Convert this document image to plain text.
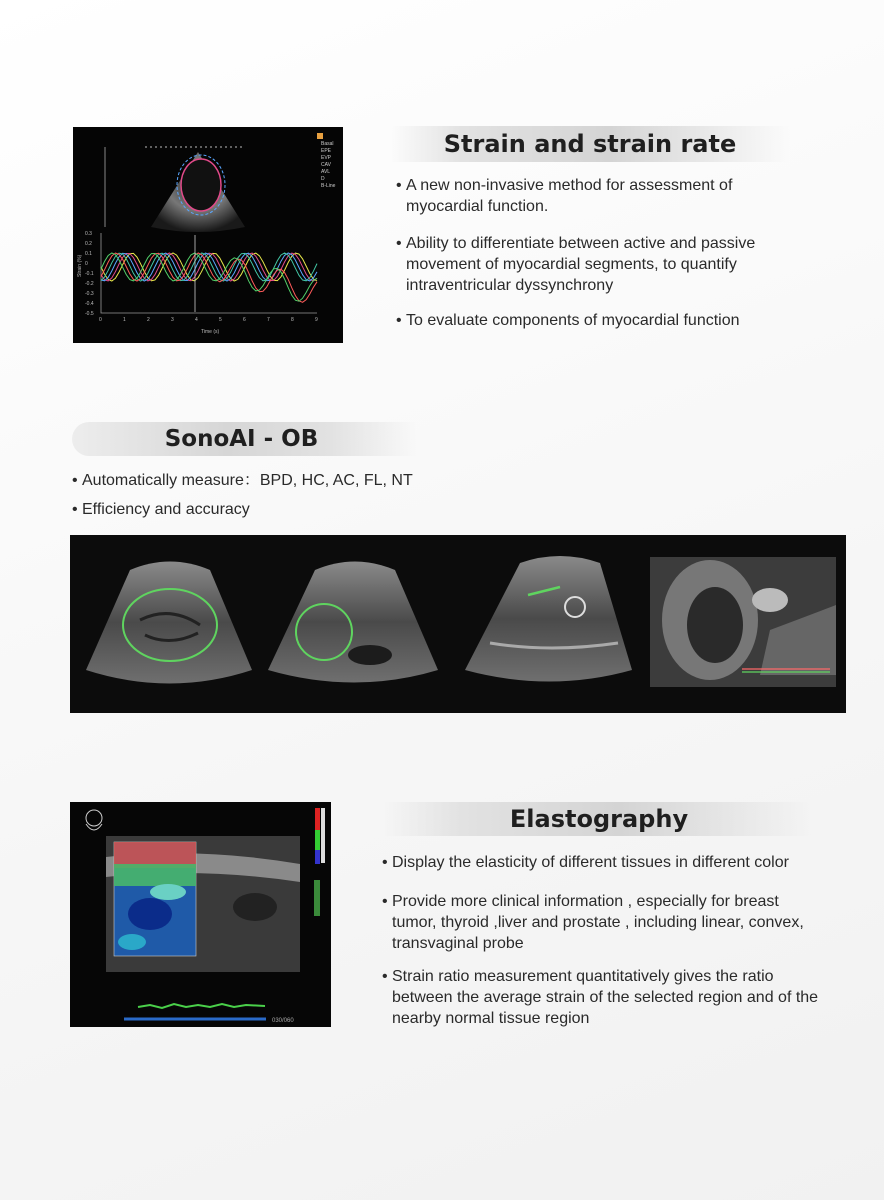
Basal
EPE
EVP
CAV
AVL
D
B-Line
0	1	2	3	4	5	6	7	8	9
0.3
0.2
0.1
0
-0.1
-0.2
-0.3
-0.4
-0.5
Time (s)
Strain (%)
Strain and strain rate
• A new non-invasive method for assessment of
myocardial function.
• Ability to differentiate between active and passive
movement of myocardial segments, to quantify
intraventricular dyssynchrony
• To evaluate components of myocardial function
SonoAI - OB
• Automatically measure：BPD, HC, AC, FL, NT
• Efficiency and accuracy
030/060
Elastography
• Display the elasticity of different tissues in different color
• Provide more clinical information , especially for breast
tumor, thyroid ,liver and prostate , including linear, convex,
transvaginal probe
• Strain ratio measurement quantitatively gives the ratio
between the average strain of the selected region and of the
nearby normal tissue region
